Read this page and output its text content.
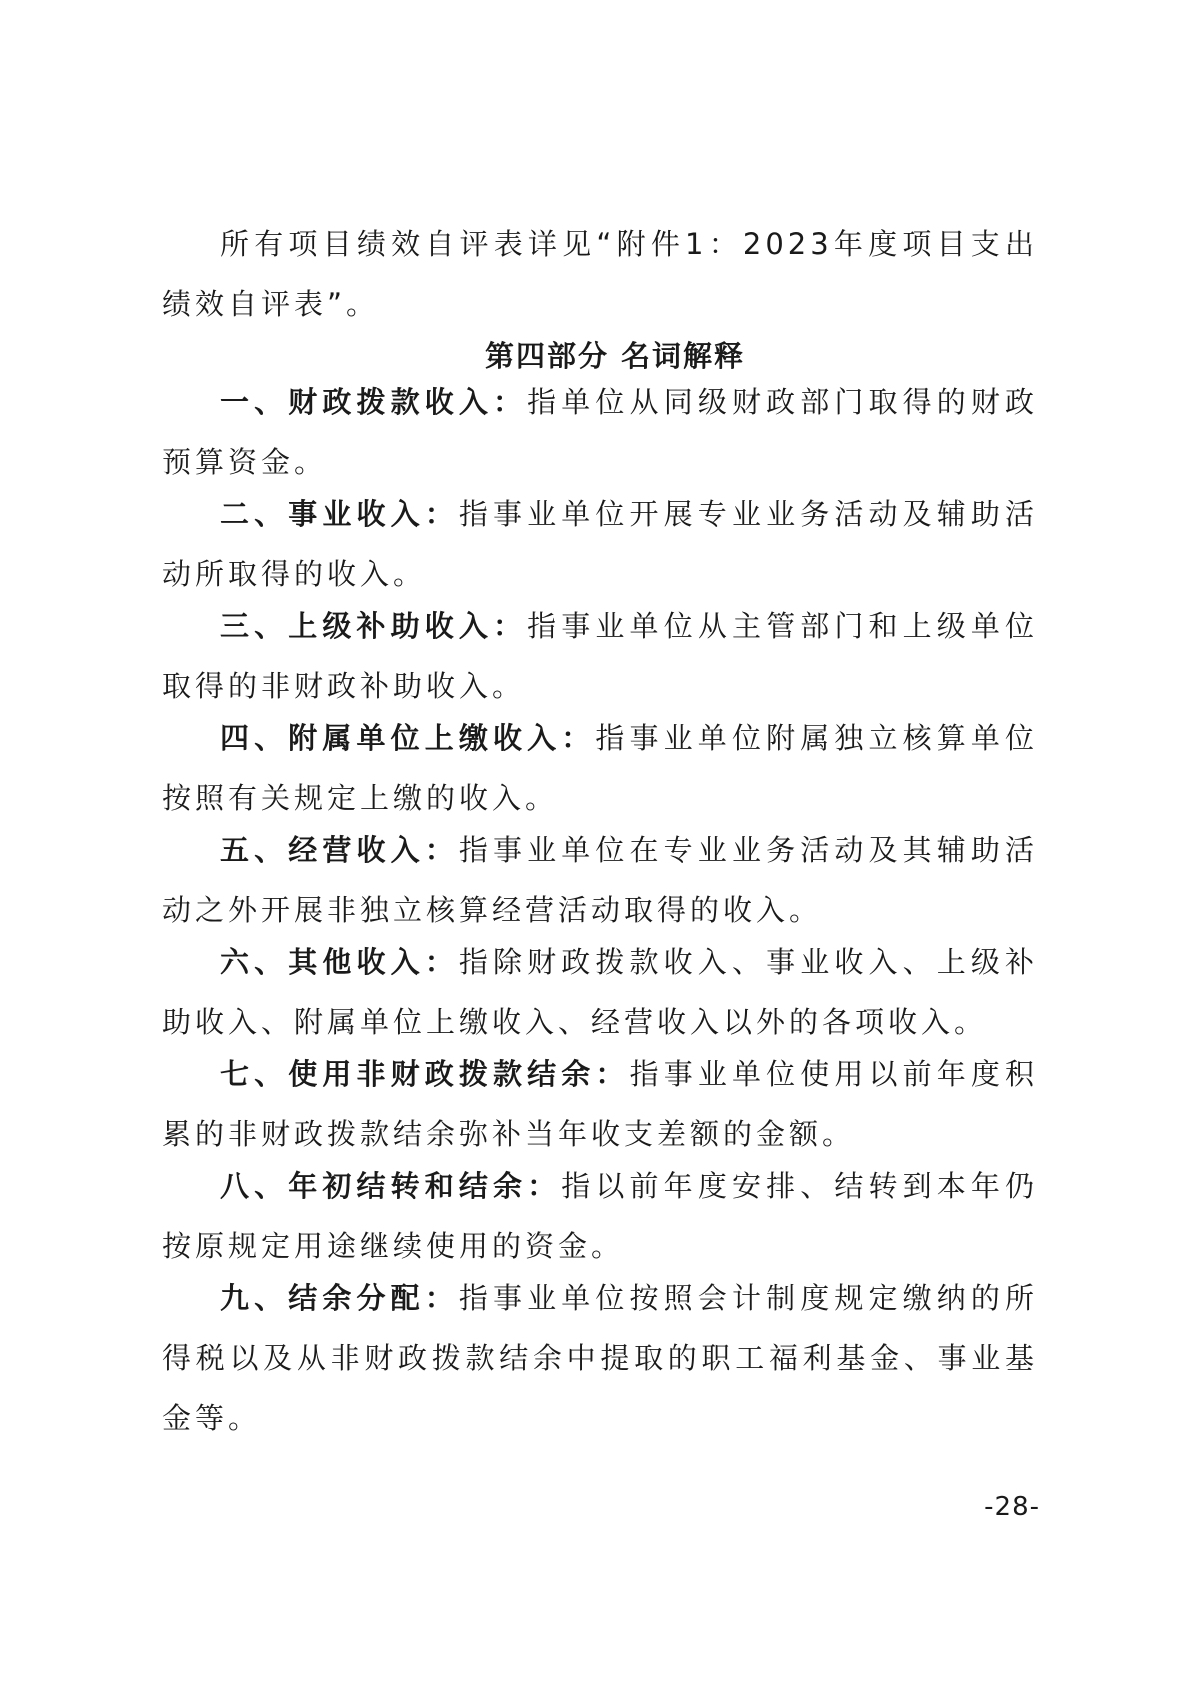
所有项目绩效自评表详见“附件1：2023年度项目支出绩效自评表”。

第四部分 名词解释

一、财政拨款收入：指单位从同级财政部门取得的财政预算资金。

二、事业收入：指事业单位开展专业业务活动及辅助活动所取得的收入。

三、上级补助收入：指事业单位从主管部门和上级单位取得的非财政补助收入。

四、附属单位上缴收入：指事业单位附属独立核算单位按照有关规定上缴的收入。

五、经营收入：指事业单位在专业业务活动及其辅助活动之外开展非独立核算经营活动取得的收入。

六、其他收入：指除财政拨款收入、事业收入、上级补助收入、附属单位上缴收入、经营收入以外的各项收入。

七、使用非财政拨款结余：指事业单位使用以前年度积累的非财政拨款结余弥补当年收支差额的金额。

八、年初结转和结余：指以前年度安排、结转到本年仍按原规定用途继续使用的资金。

九、结余分配：指事业单位按照会计制度规定缴纳的所得税以及从非财政拨款结余中提取的职工福利基金、事业基金等。

-28-
